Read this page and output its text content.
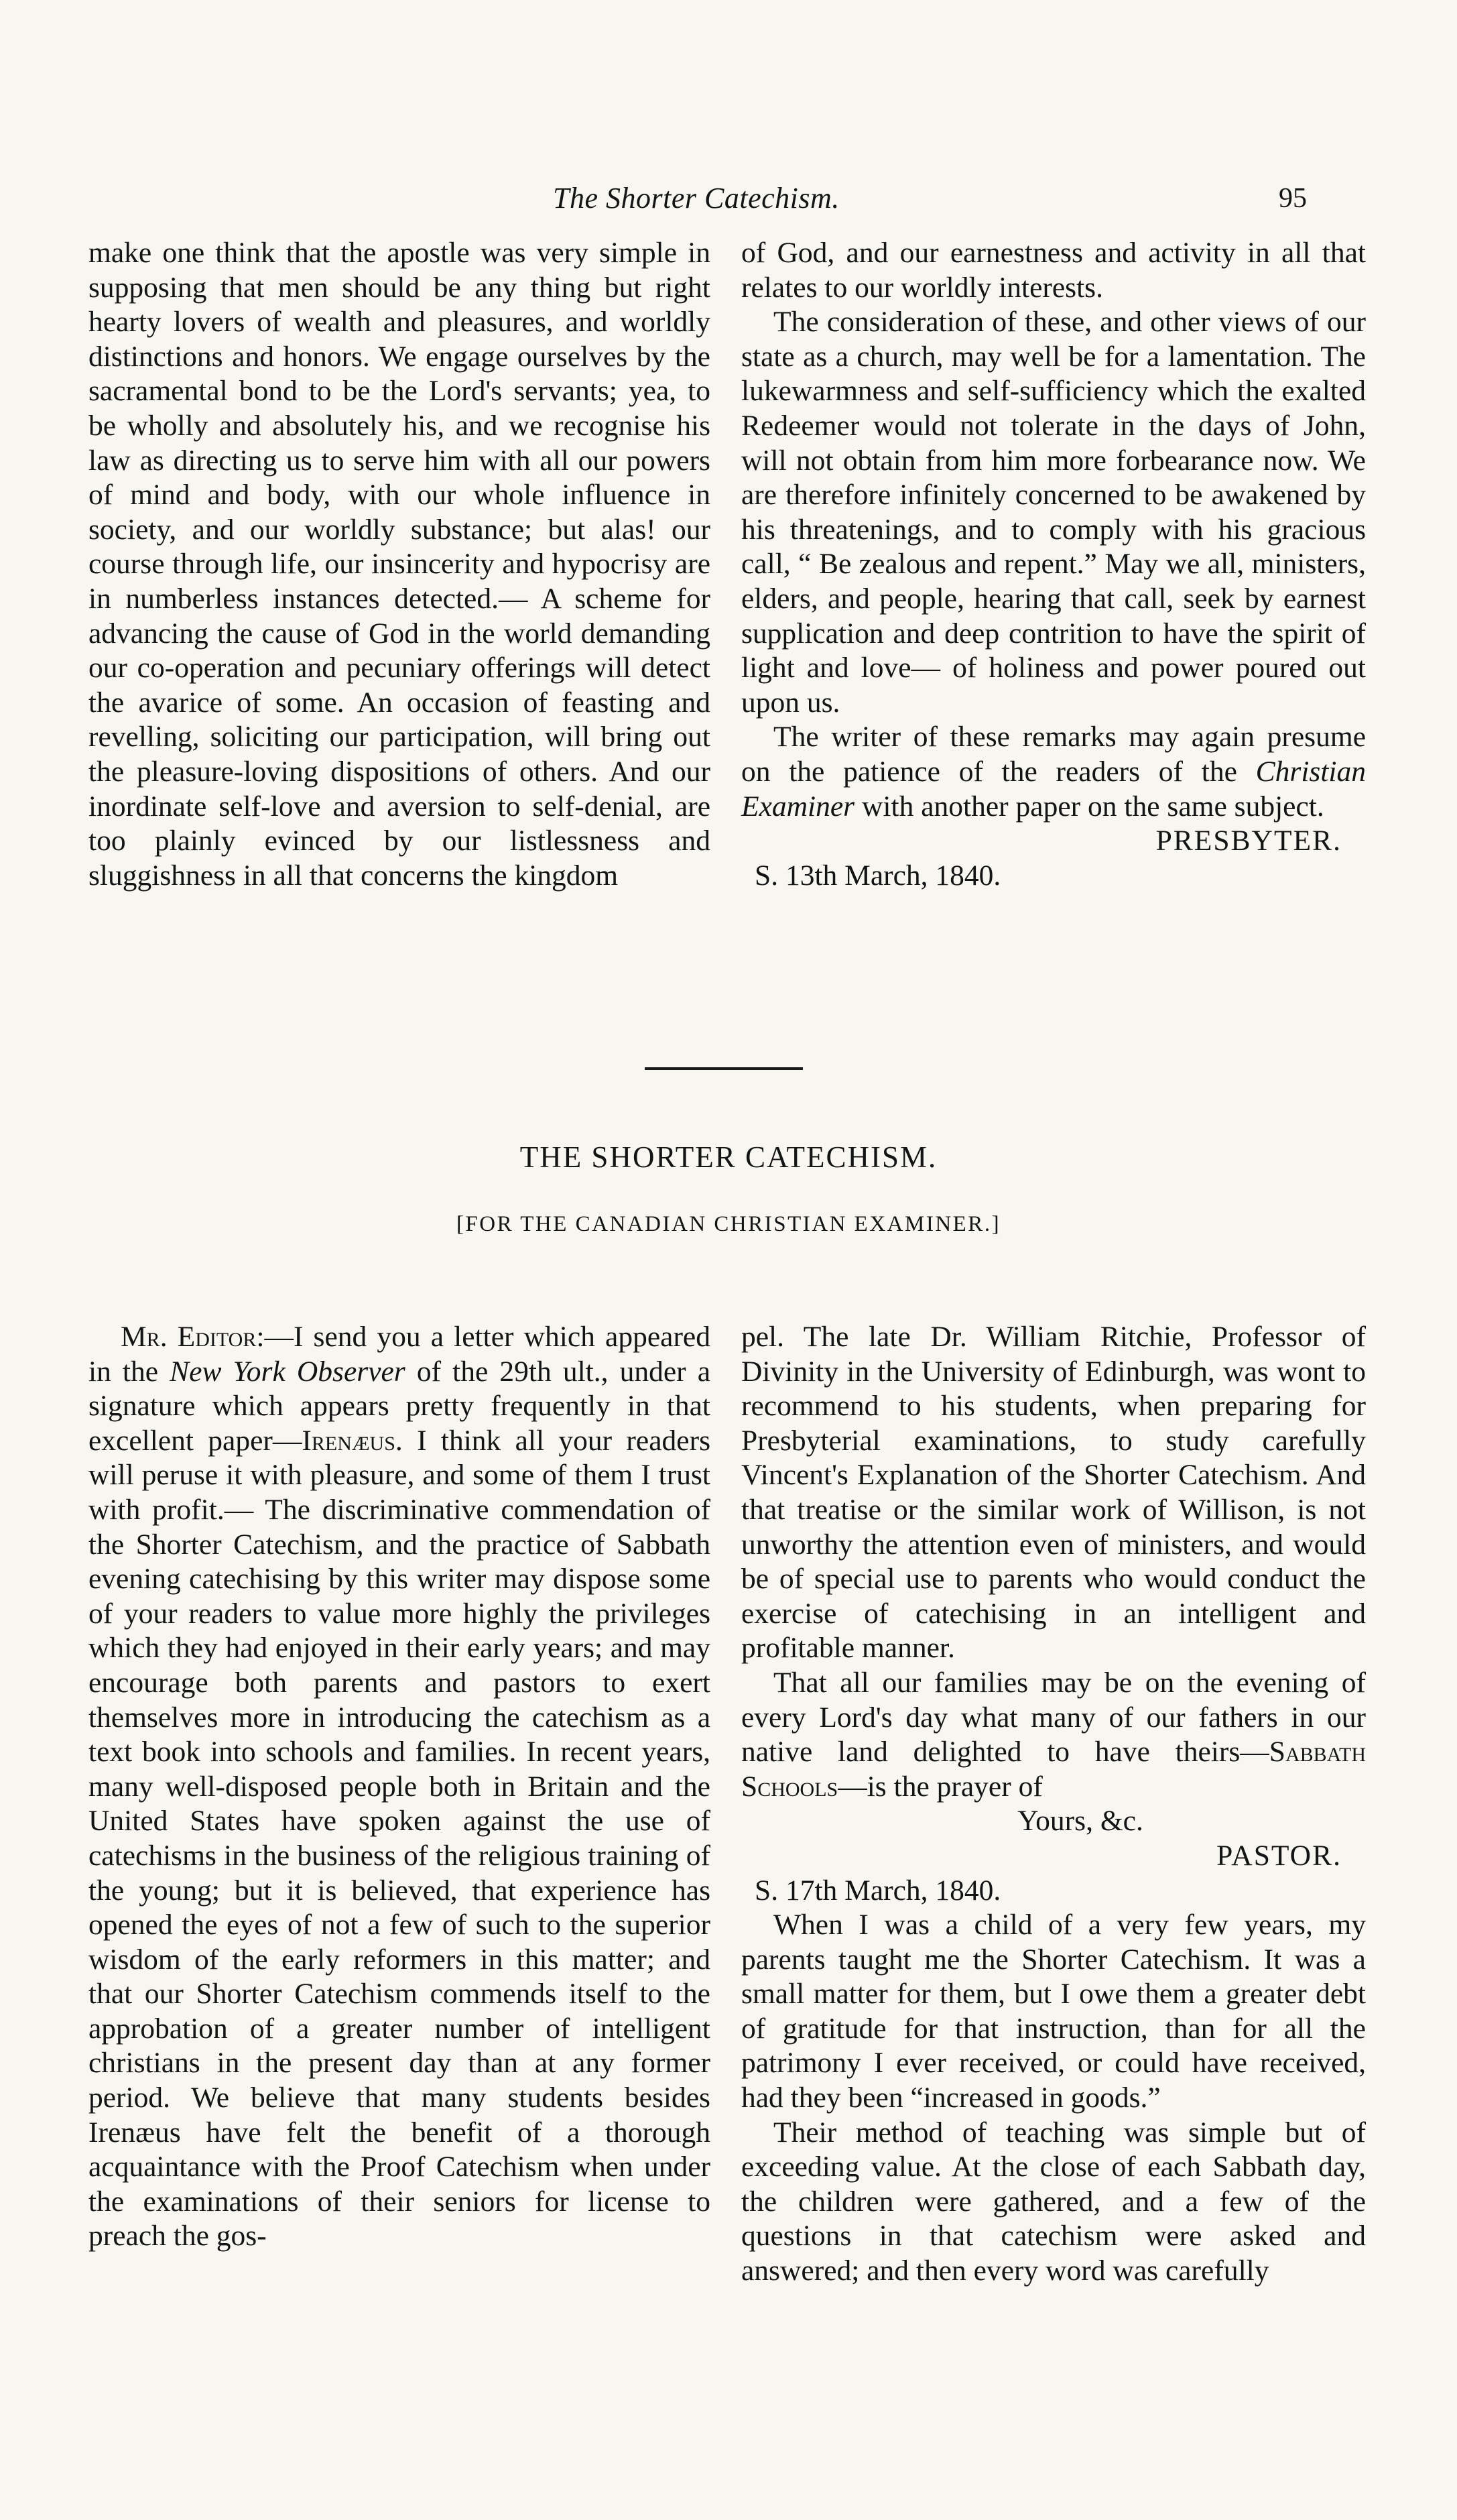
The Shorter Catechism.	95

make one think that the apostle was very simple in supposing that men should be any thing but right hearty lovers of wealth and pleasures, and worldly distinctions and honors. We engage ourselves by the sacramental bond to be the Lord's servants; yea, to be wholly and absolutely his, and we recognise his law as directing us to serve him with all our powers of mind and body, with our whole influence in society, and our worldly substance; but alas! our course through life, our insincerity and hypocrisy are in numberless instances detected.— A scheme for advancing the cause of God in the world demanding our co-operation and pecuniary offerings will detect the avarice of some. An occasion of feasting and revelling, soliciting our participation, will bring out the pleasure-loving dispositions of others. And our inordinate self-love and aversion to self-denial, are too plainly evinced by our listlessness and sluggishness in all that concerns the kingdom

of God, and our earnestness and activity in all that relates to our worldly interests.

The consideration of these, and other views of our state as a church, may well be for a lamentation. The lukewarmness and self-sufficiency which the exalted Redeemer would not tolerate in the days of John, will not obtain from him more forbearance now. We are therefore infinitely concerned to be awakened by his threatenings, and to comply with his gracious call, “ Be zealous and repent.” May we all, ministers, elders, and people, hearing that call, seek by earnest supplication and deep contrition to have the spirit of light and love— of holiness and power poured out upon us.

The writer of these remarks may again presume on the patience of the readers of the Christian Examiner with another paper on the same subject.

PRESBYTER.

S. 13th March, 1840.

THE SHORTER CATECHISM.
[FOR THE CANADIAN CHRISTIAN EXAMINER.]

Mr. Editor:—I send you a letter which appeared in the New York Observer of the 29th ult., under a signature which appears pretty frequently in that excellent paper—Irenæus. I think all your readers will peruse it with pleasure, and some of them I trust with profit.— The discriminative commendation of the Shorter Catechism, and the practice of Sabbath evening catechising by this writer may dispose some of your readers to value more highly the privileges which they had enjoyed in their early years; and may encourage both parents and pastors to exert themselves more in introducing the catechism as a text book into schools and families. In recent years, many well-disposed people both in Britain and the United States have spoken against the use of catechisms in the business of the religious training of the young; but it is believed, that experience has opened the eyes of not a few of such to the superior wisdom of the early reformers in this matter; and that our Shorter Catechism commends itself to the approbation of a greater number of intelligent christians in the present day than at any former period. We believe that many students besides Irenæus have felt the benefit of a thorough acquaintance with the Proof Catechism when under the examinations of their seniors for license to preach the gos-

pel. The late Dr. William Ritchie, Professor of Divinity in the University of Edinburgh, was wont to recommend to his students, when preparing for Presbyterial examinations, to study carefully Vincent's Explanation of the Shorter Catechism. And that treatise or the similar work of Willison, is not unworthy the attention even of ministers, and would be of special use to parents who would conduct the exercise of catechising in an intelligent and profitable manner.

That all our families may be on the evening of every Lord's day what many of our fathers in our native land delighted to have theirs—Sabbath Schools—is the prayer of

Yours, &c.

PASTOR.

S. 17th March, 1840.

When I was a child of a very few years, my parents taught me the Shorter Catechism. It was a small matter for them, but I owe them a greater debt of gratitude for that instruction, than for all the patrimony I ever received, or could have received, had they been “increased in goods.”

Their method of teaching was simple but of exceeding value. At the close of each Sabbath day, the children were gathered, and a few of the questions in that catechism were asked and answered; and then every word was carefully
